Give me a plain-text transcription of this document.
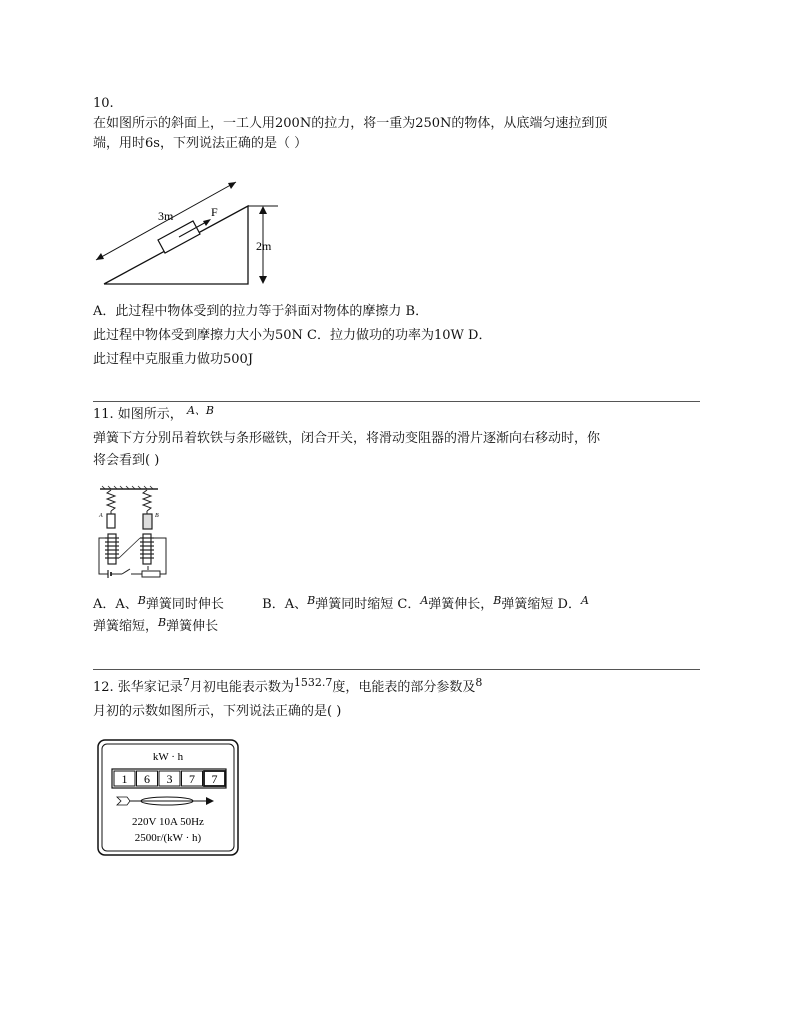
10.
在如图所示的斜面上，一工人用200N的拉力，将一重为250N的物体，从底端匀速拉到顶
端，用时6s，下列说法正确的是（ ）
3m	F
2m
A．此过程中物体受到的拉力等于斜面对物体的摩擦力 B．
此过程中物体受到摩擦力大小为50N C．拉力做功的功率为10W D．
此过程中克服重力做功500J
11. 如图所示， $^{A、B}$
弹簧下方分别吊着软铁与条形磁铁，闭合开关，将滑动变阻器的滑片逐渐向右移动时，你
将会看到( )
A	B
A．A、$^B$弹簧同时伸长	B．A、$^B$弹簧同时缩短 C．$^A$弹簧伸长，$^B$弹簧缩短 D．$^A$
弹簧缩短，$^B$弹簧伸长
12. 张华家记录$^7$月初电能表示数为$^{1532.7}$度，电能表的部分参数及$^8$
月初的示数如图所示，下列说法正确的是( )
kW · h
1 6 3 7 7
220V 10A 50Hz
2500r/(kW · h)
